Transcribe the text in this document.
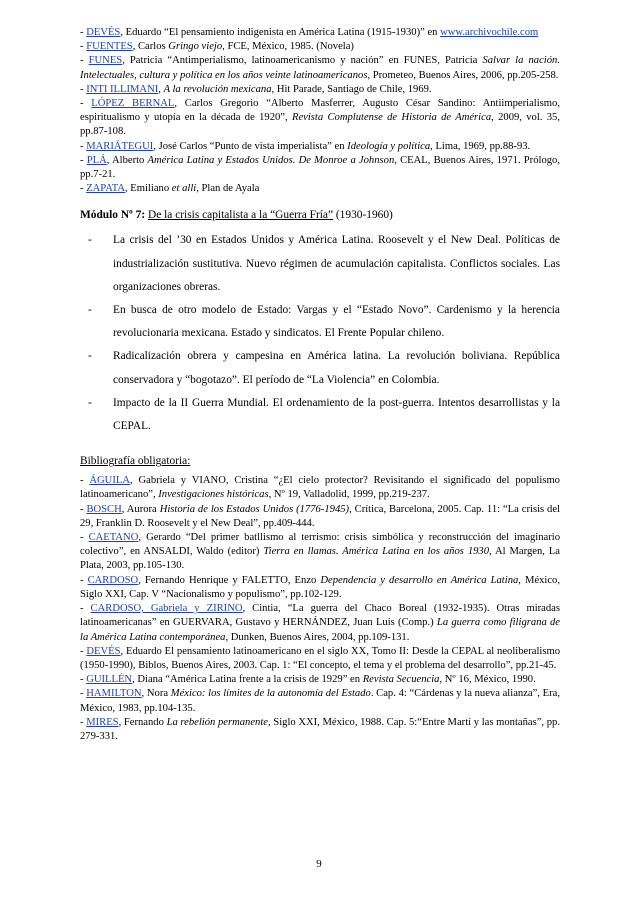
- DEVÉS, Eduardo “El pensamiento indigenista en América Latina (1915-1930)” en www.archivochile.com

- FUENTES, Carlos Gringo viejo, FCE, México, 1985. (Novela)

- FUNES, Patricia “Antimperialismo, latinoamericanismo y nación” en FUNES, Patricia Salvar la nación. Intelectuales, cultura y política en los años veinte latinoamericanos, Prometeo, Buenos Aires, 2006, pp.205-258.

- INTI ILLIMANI, A la revolución mexicana, Hit Parade, Santiago de Chile, 1969.

- LÓPEZ BERNAL, Carlos Gregorio “Alberto Masferrer, Augusto César Sandino: Antiimperialismo, espiritualismo y utopía en la década de 1920”, Revista Complutense de Historia de América, 2009, vol. 35, pp.87-108.

- MARIÁTEGUI, José Carlos “Punto de vista imperialista” en Ideología y política, Lima, 1969, pp.88-93.

- PLÁ, Alberto América Latina y Estados Unidos. De Monroe a Johnson, CEAL, Buenos Aires, 1971. Prólogo, pp.7-21.

- ZAPATA, Emiliano et alli, Plan de Ayala

Módulo Nº 7: De la crisis capitalista a la “Guerra Fría” (1930-1960)

- La crisis del ’30 en Estados Unidos y América Latina. Roosevelt y el New Deal. Políticas de industrialización sustitutiva. Nuevo régimen de acumulación capitalista. Conflictos sociales. Las organizaciones obreras.
- En busca de otro modelo de Estado: Vargas y el “Estado Novo”. Cardenismo y la herencia revolucionaria mexicana. Estado y sindicatos. El Frente Popular chileno.
- Radicalización obrera y campesina en América latina. La revolución boliviana. República conservadora y “bogotazo”. El período de “La Violencia” en Colombia.
- Impacto de la II Guerra Mundial. El ordenamiento de la post-guerra. Intentos desarrollistas y la CEPAL.

Bibliografía obligatoria:

- ÁGUILA, Gabriela y VIANO, Cristina “¿El cielo protector? Revisitando el significado del populismo latinoamericano”, Investigaciones históricas, Nº 19, Valladolid, 1999, pp.219-237.

- BOSCH, Aurora Historia de los Estados Unidos (1776-1945), Crítica, Barcelona, 2005. Cap. 11: “La crisis del 29, Franklin D. Roosevelt y el New Deal”, pp.409-444.

- CAETANO, Gerardo “Del primer batllismo al terrismo: crisis simbólica y reconstrucción del imaginario colectivo”, en ANSALDI, Waldo (editor) Tierra en llamas. América Latina en los años 1930, Al Margen, La Plata, 2003, pp.105-130.

- CARDOSO, Fernando Henrique y FALETTO, Enzo Dependencia y desarrollo en América Latina, México, Siglo XXI, Cap. V “Nacionalismo y populismo”, pp.102-129.

- CARDOSO, Gabriela y ZIRINO, Cintia, “La guerra del Chaco Boreal (1932-1935). Otras miradas latinoamericanas” en GUERVARA, Gustavo y HERNÁNDEZ, Juan Luis (Comp.) La guerra como filigrana de la América Latina contemporánea, Dunken, Buenos Aires, 2004, pp.109-131.

- DEVÉS, Eduardo El pensamiento latinoamericano en el siglo XX, Tomo II: Desde la CEPAL al neoliberalismo (1950-1990), Biblos, Buenos Aires, 2003. Cap. 1: “El concepto, el tema y el problema del desarrollo”, pp.21-45.

- GUILLÉN, Diana “América Latina frente a la crisis de 1929” en Revista Secuencia, Nº 16, México, 1990.

- HAMILTON, Nora México: los límites de la autonomía del Estado. Cap. 4: “Cárdenas y la nueva alianza”, Era, México, 1983, pp.104-135.

- MIRES, Fernando La rebelión permanente, Siglo XXI, México, 1988. Cap. 5:“Entre Martí y las montañas”, pp. 279-331.

9
